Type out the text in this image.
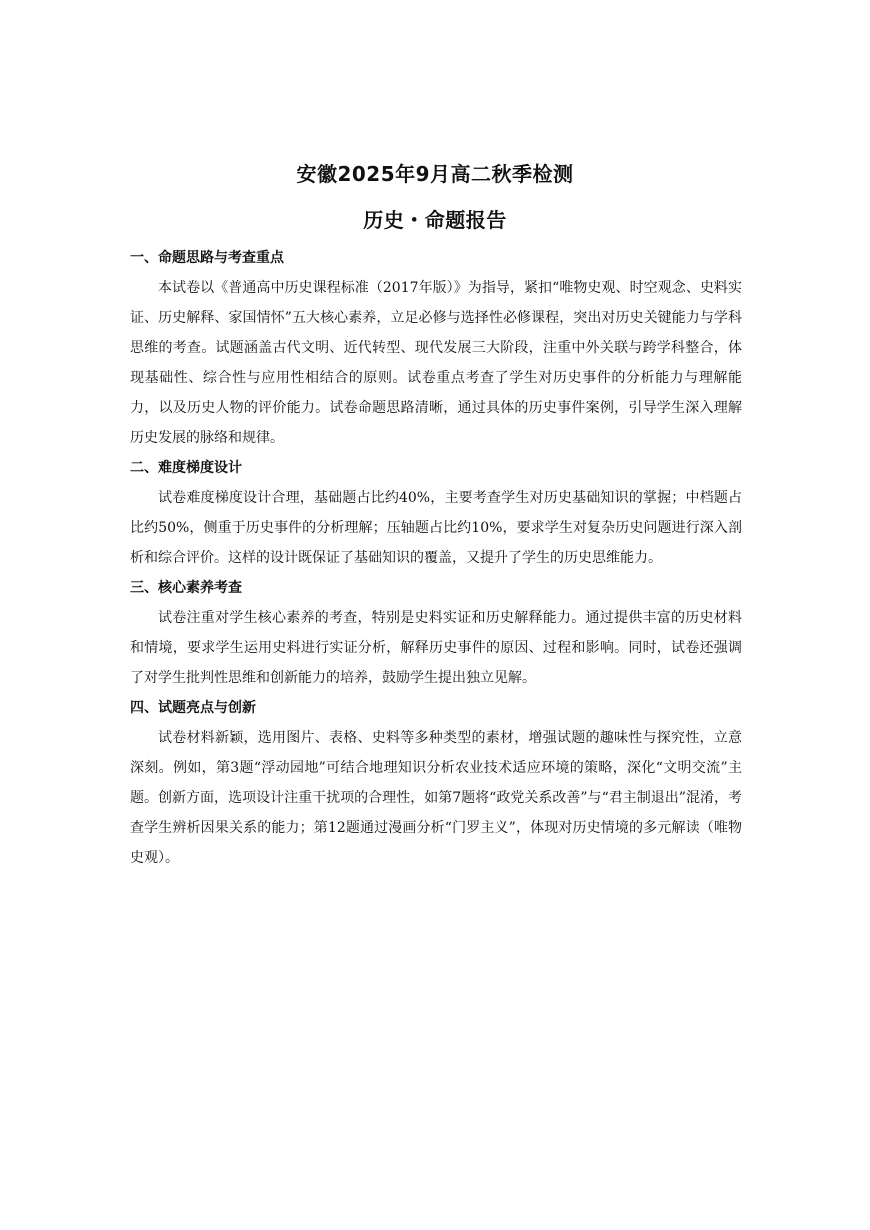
安徽2025年9月高二秋季检测
历史・命题报告
一、命题思路与考查重点

本试卷以《普通高中历史课程标准（2017年版）》为指导，紧扣“唯物史观、时空观念、史料实证、历史解释、家国情怀”五大核心素养，立足必修与选择性必修课程，突出对历史关键能力与学科思维的考查。试题涵盖古代文明、近代转型、现代发展三大阶段，注重中外关联与跨学科整合，体现基础性、综合性与应用性相结合的原则。试卷重点考查了学生对历史事件的分析能力与理解能力，以及历史人物的评价能力。试卷命题思路清晰，通过具体的历史事件案例，引导学生深入理解历史发展的脉络和规律。

二、难度梯度设计

试卷难度梯度设计合理，基础题占比约40%，主要考查学生对历史基础知识的掌握；中档题占比约50%，侧重于历史事件的分析理解；压轴题占比约10%，要求学生对复杂历史问题进行深入剖析和综合评价。这样的设计既保证了基础知识的覆盖，又提升了学生的历史思维能力。

三、核心素养考查

试卷注重对学生核心素养的考查，特别是史料实证和历史解释能力。通过提供丰富的历史材料和情境，要求学生运用史料进行实证分析，解释历史事件的原因、过程和影响。同时，试卷还强调了对学生批判性思维和创新能力的培养，鼓励学生提出独立见解。

四、试题亮点与创新

试卷材料新颖，选用图片、表格、史料等多种类型的素材，增强试题的趣味性与探究性，立意深刻。例如，第3题“浮动园地”可结合地理知识分析农业技术适应环境的策略，深化“文明交流”主题。创新方面，选项设计注重干扰项的合理性，如第7题将“政党关系改善”与“君主制退出”混淆，考查学生辨析因果关系的能力；第12题通过漫画分析“门罗主义”，体现对历史情境的多元解读（唯物史观）。
